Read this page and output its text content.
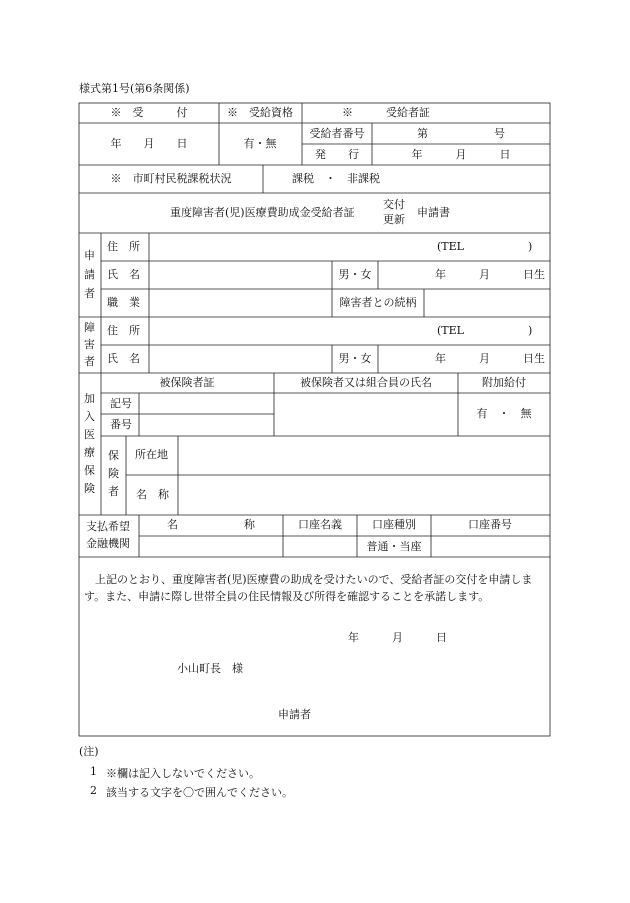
様式第1号(第6条関係)
※　受　　　付	※　受給資格	※　　　受給者証
年　　月　　日	有・無
受給者番号	第　　　　　　号
発　　行	年　　　月　　　日
※　市町村民税課税状況	課税　・　非課税
重度障害者(児)医療費助成金受給者証
交付
更新
申請書
申
請
者
住　所	(TEL	)
氏　名	男・女	年　　　月　　　日生
職　業	障害者との続柄
障
害
者
住　所	(TEL	)
氏　名	男・女	年　　　月　　　日生
加
入
医
療
保
険
被保険者証	被保険者又は組合員の氏名	附加給付
記号
番号
有　・　無
保
険
者
所在地
名　称
支払希望
金融機関
名　　　　　　称	口座名義	口座種別	口座番号
普通・当座
上記のとおり、重度障害者(児)医療費の助成を受けたいので、受給者証の交付を申請します。また、申請に際し世帯全員の住民情報及び所得を確認することを承諾します。
年　　　月　　　日
小山町長　様
申請者
(注)
1 ※欄は記入しないでください。
2 該当する文字を〇で囲んでください。
